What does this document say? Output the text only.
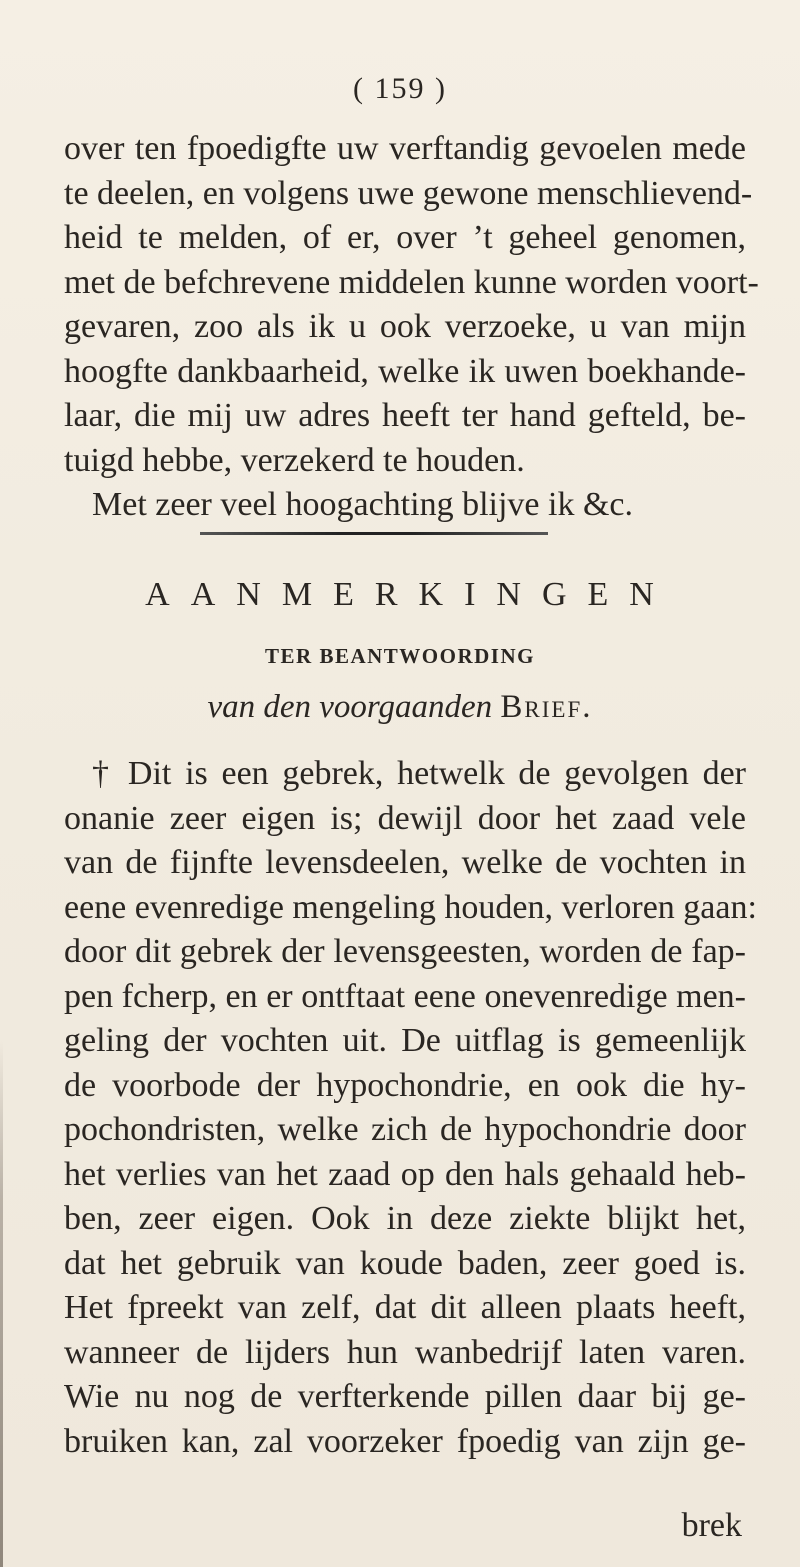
( 159 )
over ten fpoedigfte uw verftandig gevoelen mede
te deelen, en volgens uwe gewone menschlievend-
heid te melden, of er, over ’t geheel genomen,
met de befchrevene middelen kunne worden voort-
gevaren, zoo als ik u ook verzoeke, u van mijn
hoogfte dankbaarheid, welke ik uwen boekhande-
laar, die mij uw adres heeft ter hand gefteld, be-
tuigd hebbe, verzekerd te houden.
Met zeer veel hoogachting blijve ik &c.
AANMERKINGEN
TER BEANTWOORDING
van den voorgaanden Brief.
† Dit is een gebrek, hetwelk de gevolgen der
onanie zeer eigen is; dewijl door het zaad vele
van de fijnfte levensdeelen, welke de vochten in
eene evenredige mengeling houden, verloren gaan:
door dit gebrek der levensgeesten, worden de fap-
pen fcherp, en er ontftaat eene onevenredige men-
geling der vochten uit. De uitflag is gemeenlijk
de voorbode der hypochondrie, en ook die hy-
pochondristen, welke zich de hypochondrie door
het verlies van het zaad op den hals gehaald heb-
ben, zeer eigen. Ook in deze ziekte blijkt het,
dat het gebruik van koude baden, zeer goed is.
Het fpreekt van zelf, dat dit alleen plaats heeft,
wanneer de lijders hun wanbedrijf laten varen.
Wie nu nog de verfterkende pillen daar bij ge-
bruiken kan, zal voorzeker fpoedig van zijn ge-
brek
